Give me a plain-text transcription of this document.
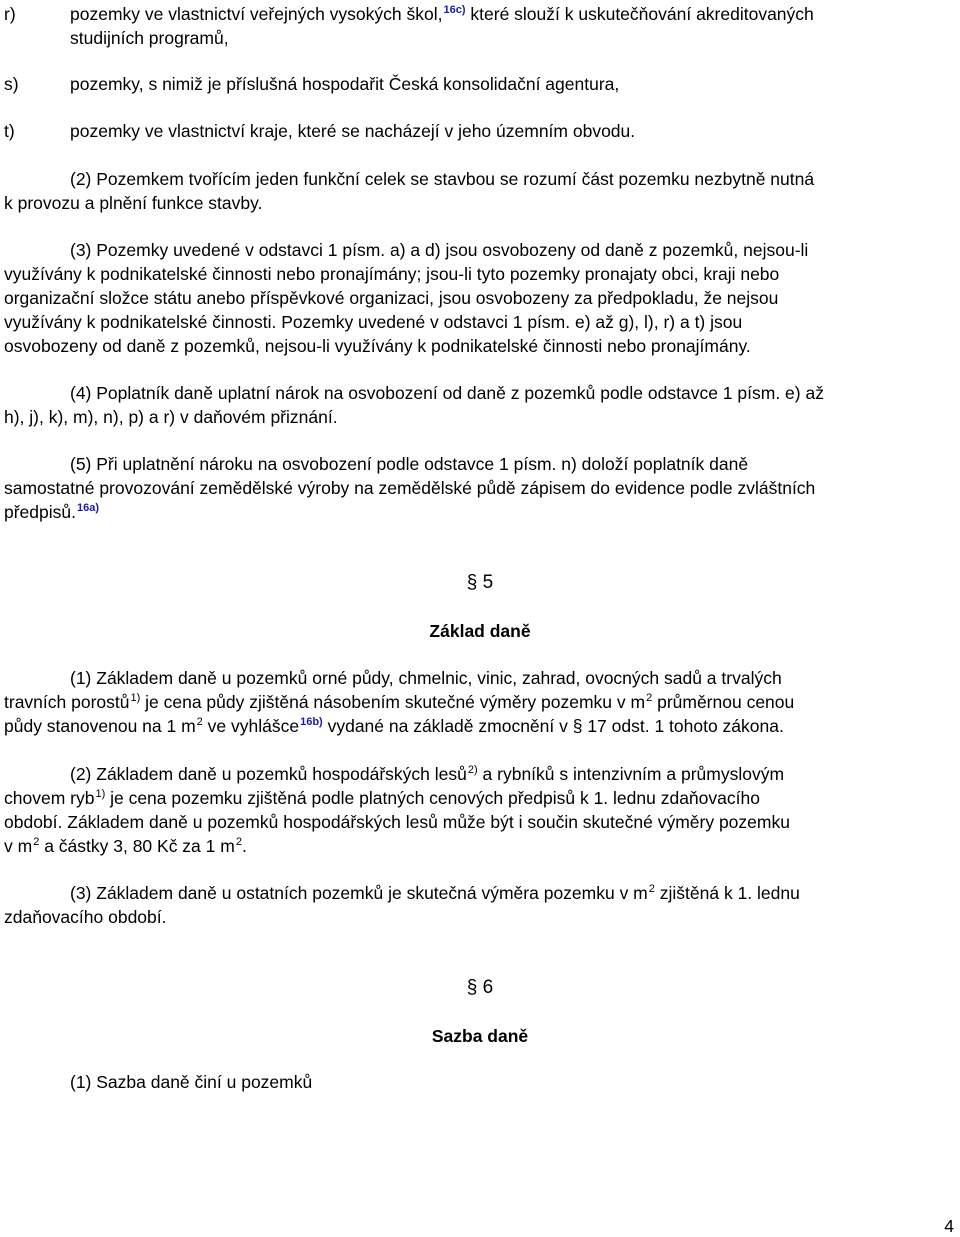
r)	pozemky ve vlastnictví veřejných vysokých škol,$^{16c)}$ které slouží k uskutečňování akreditovaných
studijních programů,
s)	pozemky, s nimiž je příslušná hospodařit Česká konsolidační agentura,
t)	pozemky ve vlastnictví kraje, které se nacházejí v jeho územním obvodu.
(2) Pozemkem tvořícím jeden funkční celek se stavbou se rozumí část pozemku nezbytně nutná
k provozu a plnění funkce stavby.
(3) Pozemky uvedené v odstavci 1 písm. a) a d) jsou osvobozeny od daně z pozemků, nejsou-li
využívány k podnikatelské činnosti nebo pronajímány; jsou-li tyto pozemky pronajaty obci, kraji nebo
organizační složce státu anebo příspěvkové organizaci, jsou osvobozeny za předpokladu, že nejsou
využívány k podnikatelské činnosti. Pozemky uvedené v odstavci 1 písm. e) až g), l), r) a t) jsou
osvobozeny od daně z pozemků, nejsou-li využívány k podnikatelské činnosti nebo pronajímány.
(4) Poplatník daně uplatní nárok na osvobození od daně z pozemků podle odstavce 1 písm. e) až
h), j), k), m), n), p) a r) v daňovém přiznání.
(5) Při uplatnění nároku na osvobození podle odstavce 1 písm. n) doloží poplatník daně
samostatné provozování zemědělské výroby na zemědělské půdě zápisem do evidence podle zvláštních
předpisů.$^{16a)}$
§ 5
Základ daně
(1) Základem daně u pozemků orné půdy, chmelnic, vinic, zahrad, ovocných sadů a trvalých
travních porostů$^{1)}$ je cena půdy zjištěná násobením skutečné výměry pozemku v $m^2$ průměrnou cenou
půdy stanovenou na 1 $m^2$ ve vyhlášce$^{16b)}$ vydané na základě zmocnění v § 17 odst. 1 tohoto zákona.
(2) Základem daně u pozemků hospodářských lesů$^{2)}$ a rybníků s intenzivním a průmyslovým
chovem ryb$^{1)}$ je cena pozemku zjištěná podle platných cenových předpisů k 1. lednu zdaňovacího
období. Základem daně u pozemků hospodářských lesů může být i součin skutečné výměry pozemku
v $m^2$ a částky 3, 80 Kč za 1 $m^2$.
(3) Základem daně u ostatních pozemků je skutečná výměra pozemku v $m^2$ zjištěná k 1. lednu
zdaňovacího období.
§ 6
Sazba daně
(1) Sazba daně činí u pozemků
4
